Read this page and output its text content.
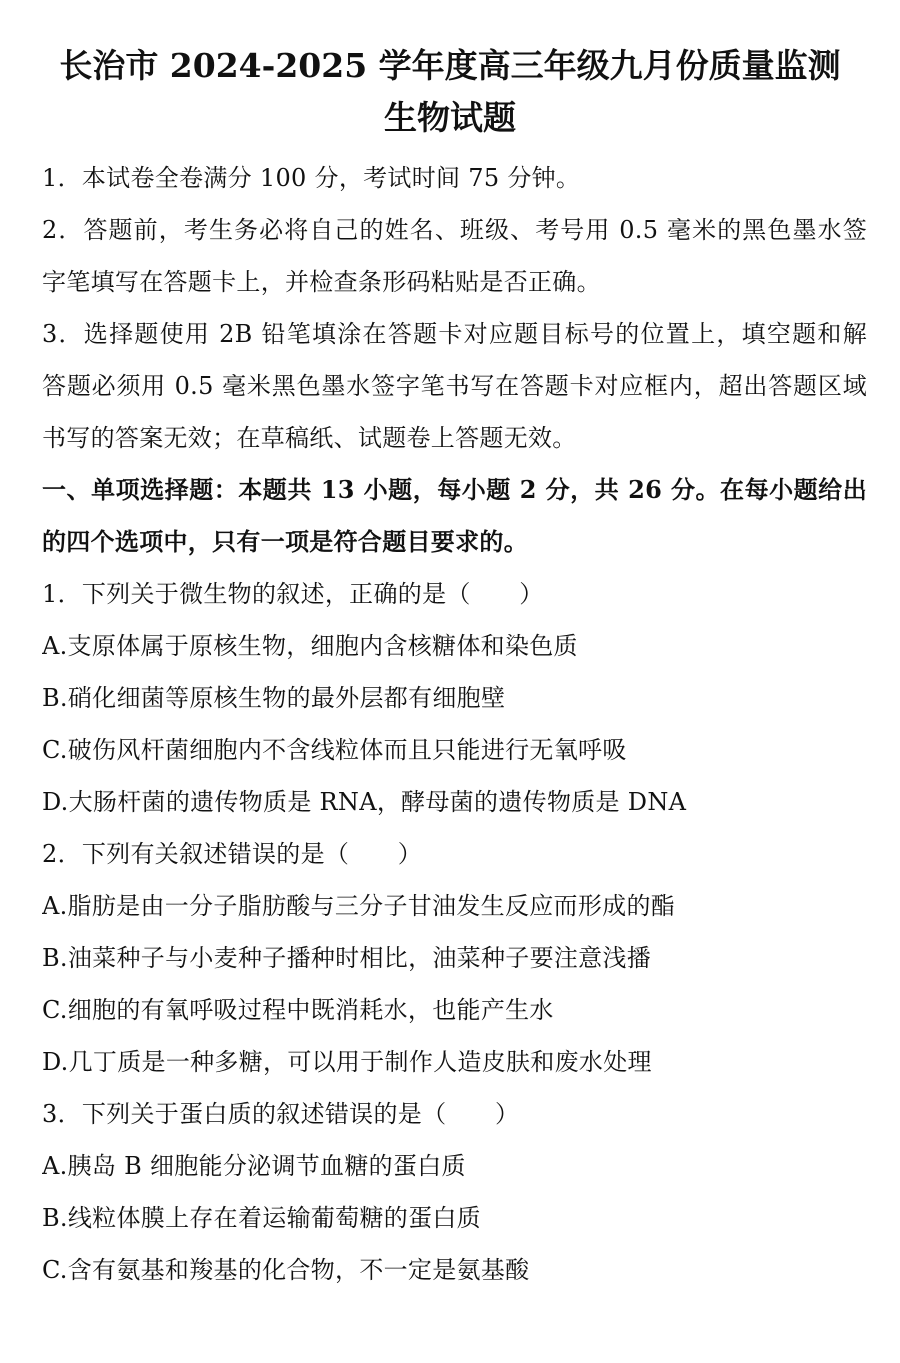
长治市 2024-2025 学年度高三年级九月份质量监测
生物试题
1．本试卷全卷满分 100 分，考试时间 75 分钟。
2．答题前，考生务必将自己的姓名、班级、考号用 0.5 毫米的黑色墨水签
字笔填写在答题卡上，并检查条形码粘贴是否正确。
3．选择题使用 2B 铅笔填涂在答题卡对应题目标号的位置上，填空题和解
答题必须用 0.5 毫米黑色墨水签字笔书写在答题卡对应框内，超出答题区域
书写的答案无效；在草稿纸、试题卷上答题无效。
一、单项选择题：本题共 13 小题，每小题 2 分，共 26 分。在每小题给出
的四个选项中，只有一项是符合题目要求的。
1．下列关于微生物的叙述，正确的是（　　）
A.支原体属于原核生物，细胞内含核糖体和染色质
B.硝化细菌等原核生物的最外层都有细胞壁
C.破伤风杆菌细胞内不含线粒体而且只能进行无氧呼吸
D.大肠杆菌的遗传物质是 RNA，酵母菌的遗传物质是 DNA
2．下列有关叙述错误的是（　　）
A.脂肪是由一分子脂肪酸与三分子甘油发生反应而形成的酯
B.油菜种子与小麦种子播种时相比，油菜种子要注意浅播
C.细胞的有氧呼吸过程中既消耗水，也能产生水
D.几丁质是一种多糖，可以用于制作人造皮肤和废水处理
3．下列关于蛋白质的叙述错误的是（　　）
A.胰岛 B 细胞能分泌调节血糖的蛋白质
B.线粒体膜上存在着运输葡萄糖的蛋白质
C.含有氨基和羧基的化合物，不一定是氨基酸
